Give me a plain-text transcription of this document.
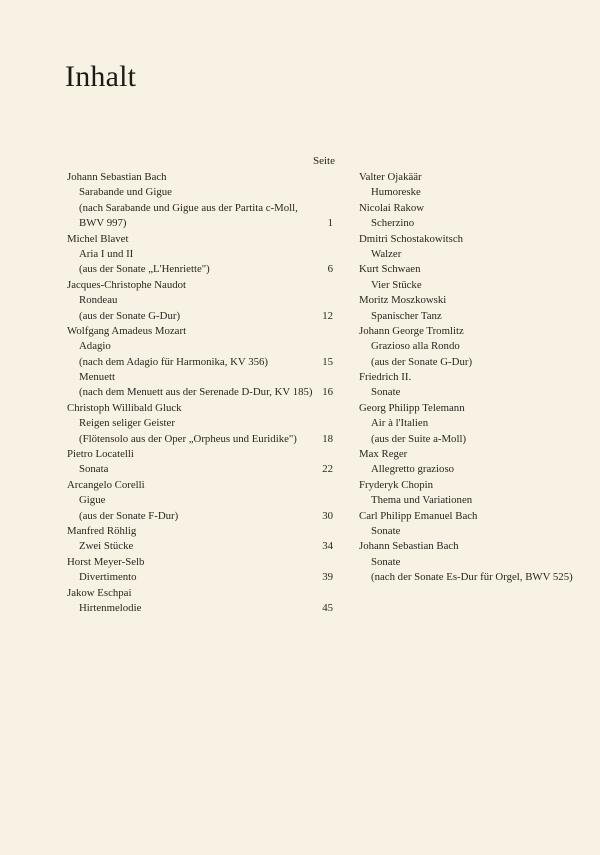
Inhalt
Seite
Johann Sebastian Bach
Sarabande und Gigue
(nach Sarabande und Gigue aus der Partita c-Moll,
BWV 997)	1
Michel Blavet
Aria I und II
(aus der Sonate „L'Henriette")	6
Jacques-Christophe Naudot
Rondeau
(aus der Sonate G-Dur)	12
Wolfgang Amadeus Mozart
Adagio
(nach dem Adagio für Harmonika, KV 356)	15
Menuett
(nach dem Menuett aus der Serenade D-Dur, KV 185) 16
Christoph Willibald Gluck
Reigen seliger Geister
(Flötensolo aus der Oper „Orpheus und Euridike") 18
Pietro Locatelli
Sonata	22
Arcangelo Corelli
Gigue
(aus der Sonate F-Dur)	30
Manfred Röhlig
Zwei Stücke	34
Horst Meyer-Selb
Divertimento	39
Jakow Eschpai
Hirtenmelodie	45
Valter Ojakäär
Humoreske
Nicolai Rakow
Scherzino
Dmitri Schostakowitsch
Walzer
Kurt Schwaen
Vier Stücke
Moritz Moszkowski
Spanischer Tanz
Johann George Tromlitz
Grazioso alla Rondo
(aus der Sonate G-Dur)
Friedrich II.
Sonate
Georg Philipp Telemann
Air à l'Italien
(aus der Suite a-Moll)
Max Reger
Allegretto grazioso
Fryderyk Chopin
Thema und Variationen
Carl Philipp Emanuel Bach
Sonate
Johann Sebastian Bach
Sonate
(nach der Sonate Es-Dur für Orgel, BWV 525)
